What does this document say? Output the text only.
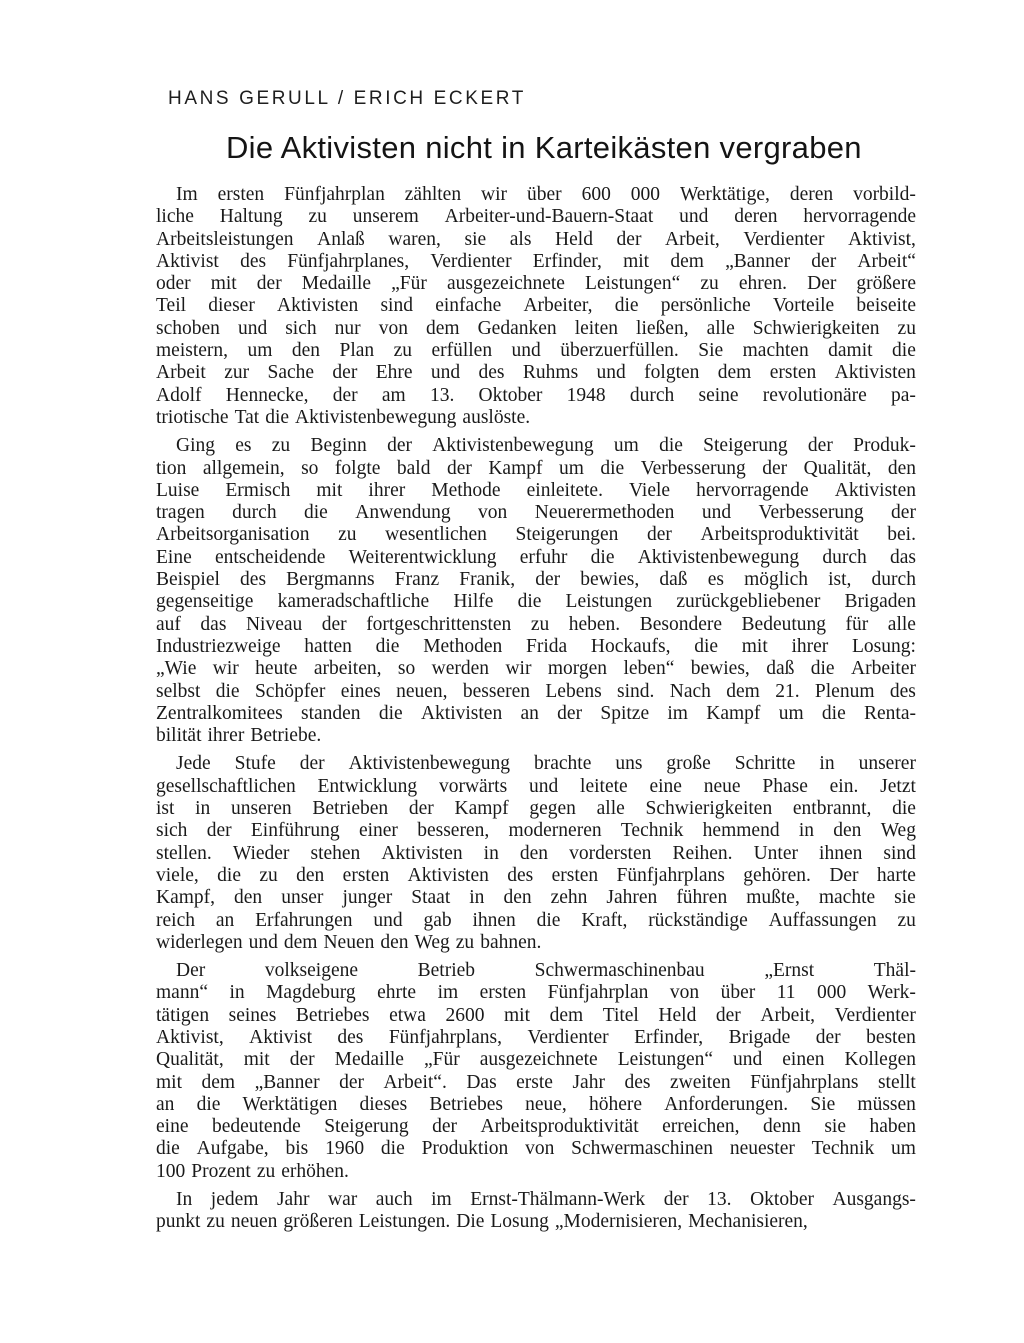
HANS GERULL / ERICH ECKERT
Die Aktivisten nicht in Karteikästen vergraben
Im ersten Fünfjahrplan zählten wir über 600 000 Werktätige, deren vorbild-
liche Haltung zu unserem Arbeiter-und-Bauern-Staat und deren hervorragende
Arbeitsleistungen Anlaß waren, sie als Held der Arbeit, Verdienter Aktivist,
Aktivist des Fünfjahrplanes, Verdienter Erfinder, mit dem „Banner der Arbeit“
oder mit der Medaille „Für ausgezeichnete Leistungen“ zu ehren. Der größere
Teil dieser Aktivisten sind einfache Arbeiter, die persönliche Vorteile beiseite
schoben und sich nur von dem Gedanken leiten ließen, alle Schwierigkeiten zu
meistern, um den Plan zu erfüllen und überzuerfüllen. Sie machten damit die
Arbeit zur Sache der Ehre und des Ruhms und folgten dem ersten Aktivisten
Adolf Hennecke, der am 13. Oktober 1948 durch seine revolutionäre pa-
triotische Tat die Aktivistenbewegung auslöste.
Ging es zu Beginn der Aktivistenbewegung um die Steigerung der Produk-
tion allgemein, so folgte bald der Kampf um die Verbesserung der Qualität, den
Luise Ermisch mit ihrer Methode einleitete. Viele hervorragende Aktivisten
tragen durch die Anwendung von Neuerermethoden und Verbesserung der
Arbeitsorganisation zu wesentlichen Steigerungen der Arbeitsproduktivität bei.
Eine entscheidende Weiterentwicklung erfuhr die Aktivistenbewegung durch das
Beispiel des Bergmanns Franz Franik, der bewies, daß es möglich ist, durch
gegenseitige kameradschaftliche Hilfe die Leistungen zurückgebliebener Brigaden
auf das Niveau der fortgeschrittensten zu heben. Besondere Bedeutung für alle
Industriezweige hatten die Methoden Frida Hockaufs, die mit ihrer Losung:
„Wie wir heute arbeiten, so werden wir morgen leben“ bewies, daß die Arbeiter
selbst die Schöpfer eines neuen, besseren Lebens sind. Nach dem 21. Plenum des
Zentralkomitees standen die Aktivisten an der Spitze im Kampf um die Renta-
bilität ihrer Betriebe.
Jede Stufe der Aktivistenbewegung brachte uns große Schritte in unserer
gesellschaftlichen Entwicklung vorwärts und leitete eine neue Phase ein. Jetzt
ist in unseren Betrieben der Kampf gegen alle Schwierigkeiten entbrannt, die
sich der Einführung einer besseren, moderneren Technik hemmend in den Weg
stellen. Wieder stehen Aktivisten in den vordersten Reihen. Unter ihnen sind
viele, die zu den ersten Aktivisten des ersten Fünfjahrplans gehören. Der harte
Kampf, den unser junger Staat in den zehn Jahren führen mußte, machte sie
reich an Erfahrungen und gab ihnen die Kraft, rückständige Auffassungen zu
widerlegen und dem Neuen den Weg zu bahnen.
Der	volkseigene	Betrieb	Schwermaschinenbau	„Ernst	Thäl-
mann“ in Magdeburg ehrte im ersten Fünfjahrplan von über 11 000 Werk-
tätigen seines Betriebes etwa 2600 mit dem Titel Held der Arbeit, Verdienter
Aktivist, Aktivist des Fünfjahrplans, Verdienter Erfinder, Brigade der besten
Qualität, mit der Medaille „Für ausgezeichnete Leistungen“ und einen Kollegen
mit dem „Banner der Arbeit“. Das erste Jahr des zweiten Fünfjahrplans stellt
an die Werktätigen dieses Betriebes neue, höhere Anforderungen. Sie müssen
eine bedeutende Steigerung der Arbeitsproduktivität erreichen, denn sie haben
die Aufgabe, bis 1960 die Produktion von Schwermaschinen neuester Technik um
100 Prozent zu erhöhen.
In jedem Jahr war auch im Ernst-Thälmann-Werk der 13. Oktober Ausgangs-
punkt zu neuen größeren Leistungen. Die Losung „Modernisieren, Mechanisieren,
